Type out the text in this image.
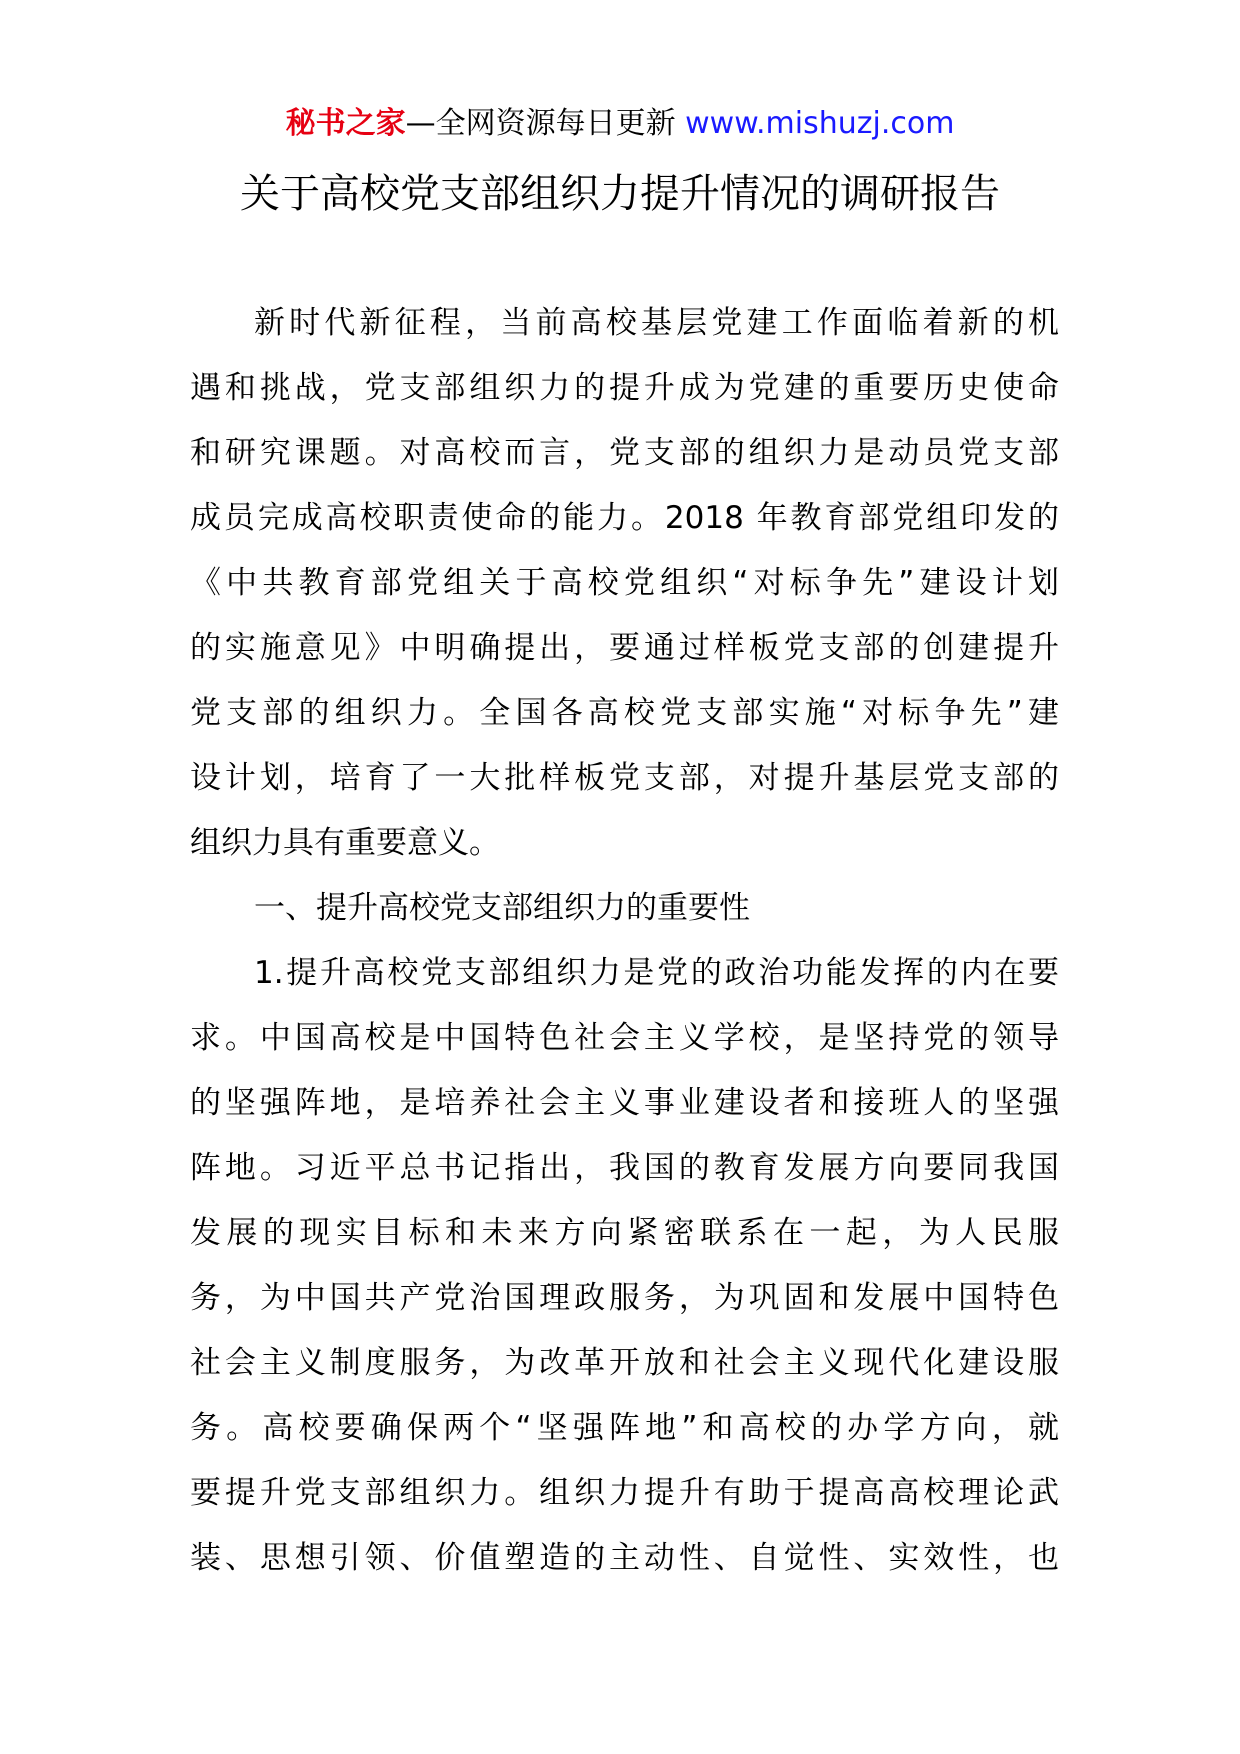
秘书之家—全网资源每日更新 www.mishuzj.com
关于高校党支部组织力提升情况的调研报告
新时代新征程，当前高校基层党建工作面临着新的机
遇和挑战，党支部组织力的提升成为党建的重要历史使命
和研究课题。对高校而言，党支部的组织力是动员党支部
成员完成高校职责使命的能力。2018 年教育部党组印发的
《中共教育部党组关于高校党组织“对标争先”建设计划
的实施意见》中明确提出，要通过样板党支部的创建提升
党支部的组织力。全国各高校党支部实施“对标争先”建
设计划，培育了一大批样板党支部，对提升基层党支部的
组织力具有重要意义。
一、提升高校党支部组织力的重要性
1.提升高校党支部组织力是党的政治功能发挥的内在要
求。中国高校是中国特色社会主义学校，是坚持党的领导
的坚强阵地，是培养社会主义事业建设者和接班人的坚强
阵地。习近平总书记指出，我国的教育发展方向要同我国
发展的现实目标和未来方向紧密联系在一起，为人民服
务，为中国共产党治国理政服务，为巩固和发展中国特色
社会主义制度服务，为改革开放和社会主义现代化建设服
务。高校要确保两个“坚强阵地”和高校的办学方向，就
要提升党支部组织力。组织力提升有助于提高高校理论武
装、思想引领、价值塑造的主动性、自觉性、实效性，也
